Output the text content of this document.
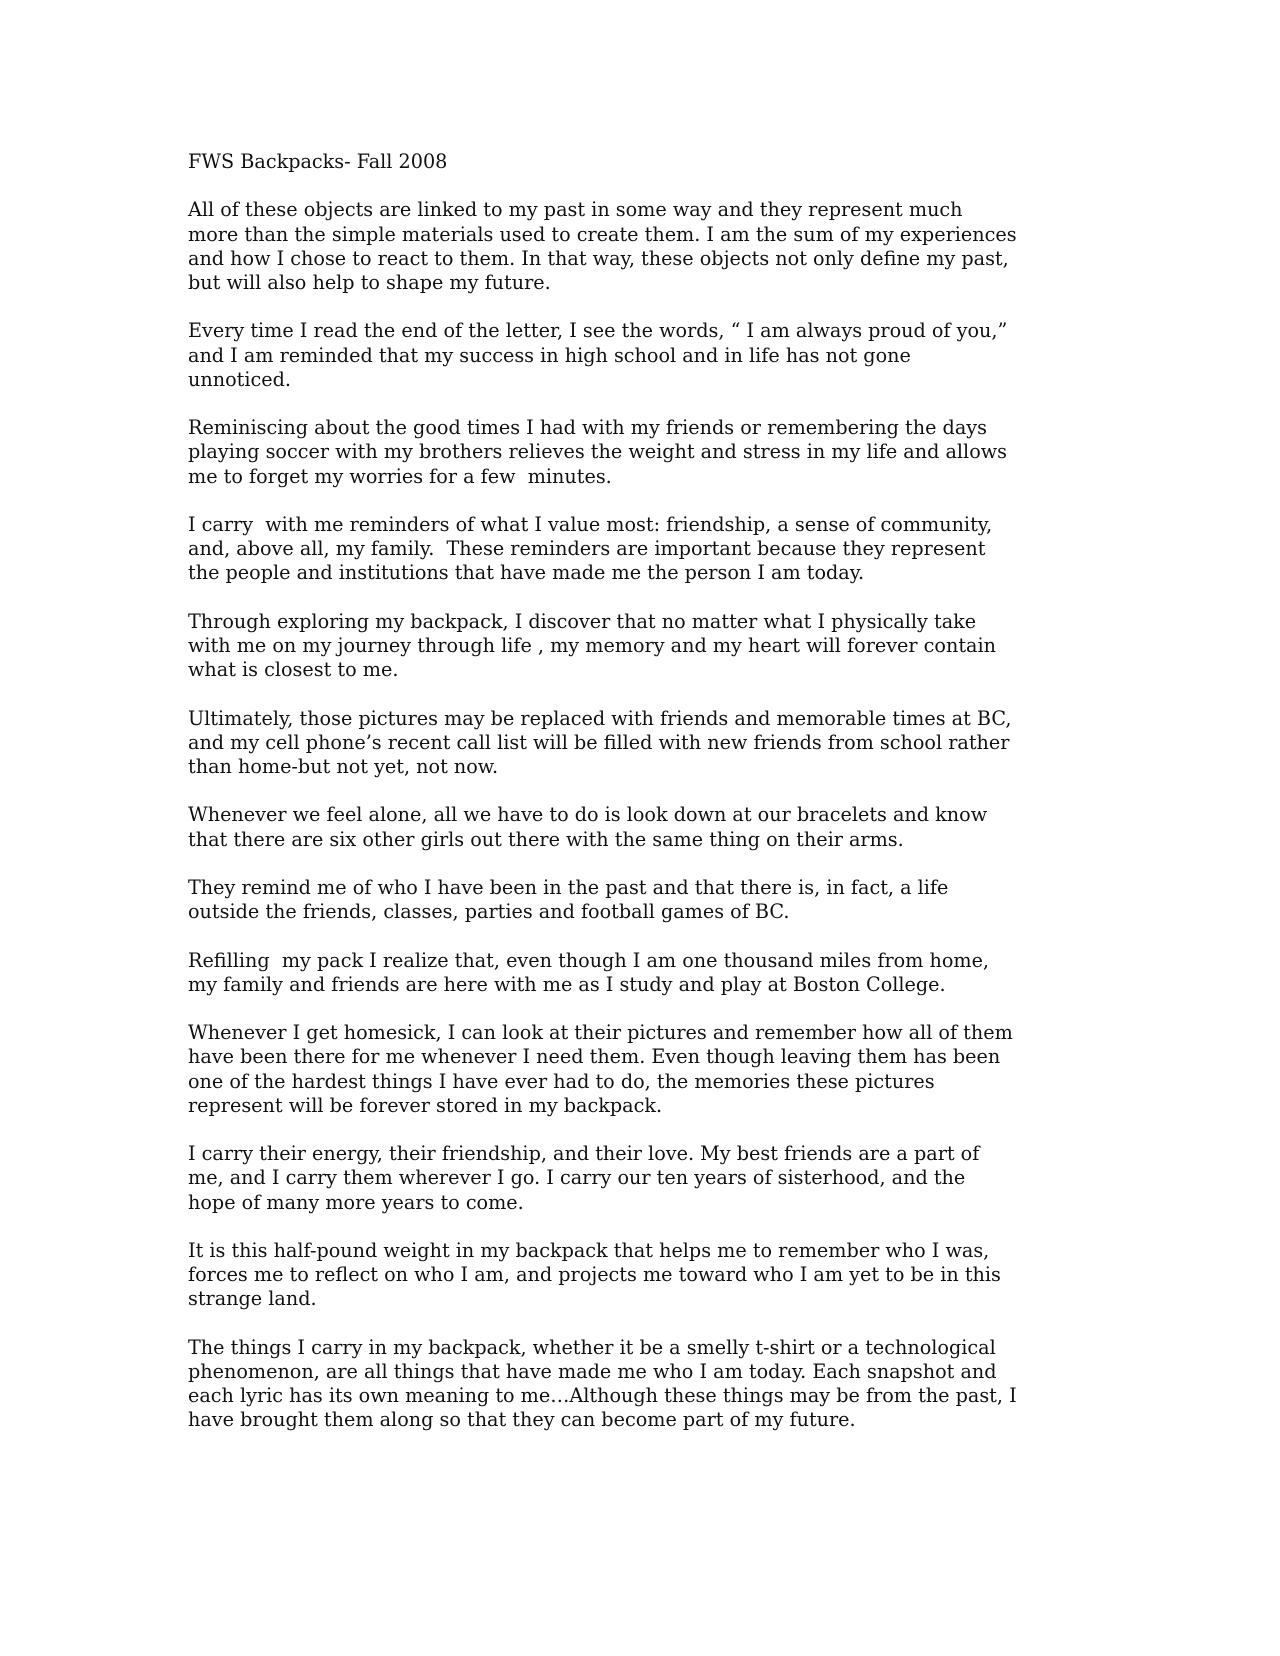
FWS Backpacks- Fall 2008
All of these objects are linked to my past in some way and they represent much
more than the simple materials used to create them. I am the sum of my experiences
and how I chose to react to them. In that way, these objects not only define my past,
but will also help to shape my future.
Every time I read the end of the letter, I see the words, “ I am always proud of you,”
and I am reminded that my success in high school and in life has not gone
unnoticed.
Reminiscing about the good times I had with my friends or remembering the days
playing soccer with my brothers relieves the weight and stress in my life and allows
me to forget my worries for a few  minutes.
I carry  with me reminders of what I value most: friendship, a sense of community,
and, above all, my family.  These reminders are important because they represent
the people and institutions that have made me the person I am today.
Through exploring my backpack, I discover that no matter what I physically take
with me on my journey through life , my memory and my heart will forever contain
what is closest to me.
Ultimately, those pictures may be replaced with friends and memorable times at BC,
and my cell phone’s recent call list will be filled with new friends from school rather
than home-but not yet, not now.
Whenever we feel alone, all we have to do is look down at our bracelets and know
that there are six other girls out there with the same thing on their arms.
They remind me of who I have been in the past and that there is, in fact, a life
outside the friends, classes, parties and football games of BC.
Refilling  my pack I realize that, even though I am one thousand miles from home,
my family and friends are here with me as I study and play at Boston College.
Whenever I get homesick, I can look at their pictures and remember how all of them
have been there for me whenever I need them. Even though leaving them has been
one of the hardest things I have ever had to do, the memories these pictures
represent will be forever stored in my backpack.
I carry their energy, their friendship, and their love. My best friends are a part of
me, and I carry them wherever I go. I carry our ten years of sisterhood, and the
hope of many more years to come.
It is this half-pound weight in my backpack that helps me to remember who I was,
forces me to reflect on who I am, and projects me toward who I am yet to be in this
strange land.
The things I carry in my backpack, whether it be a smelly t-shirt or a technological
phenomenon, are all things that have made me who I am today. Each snapshot and
each lyric has its own meaning to me…Although these things may be from the past, I
have brought them along so that they can become part of my future.
